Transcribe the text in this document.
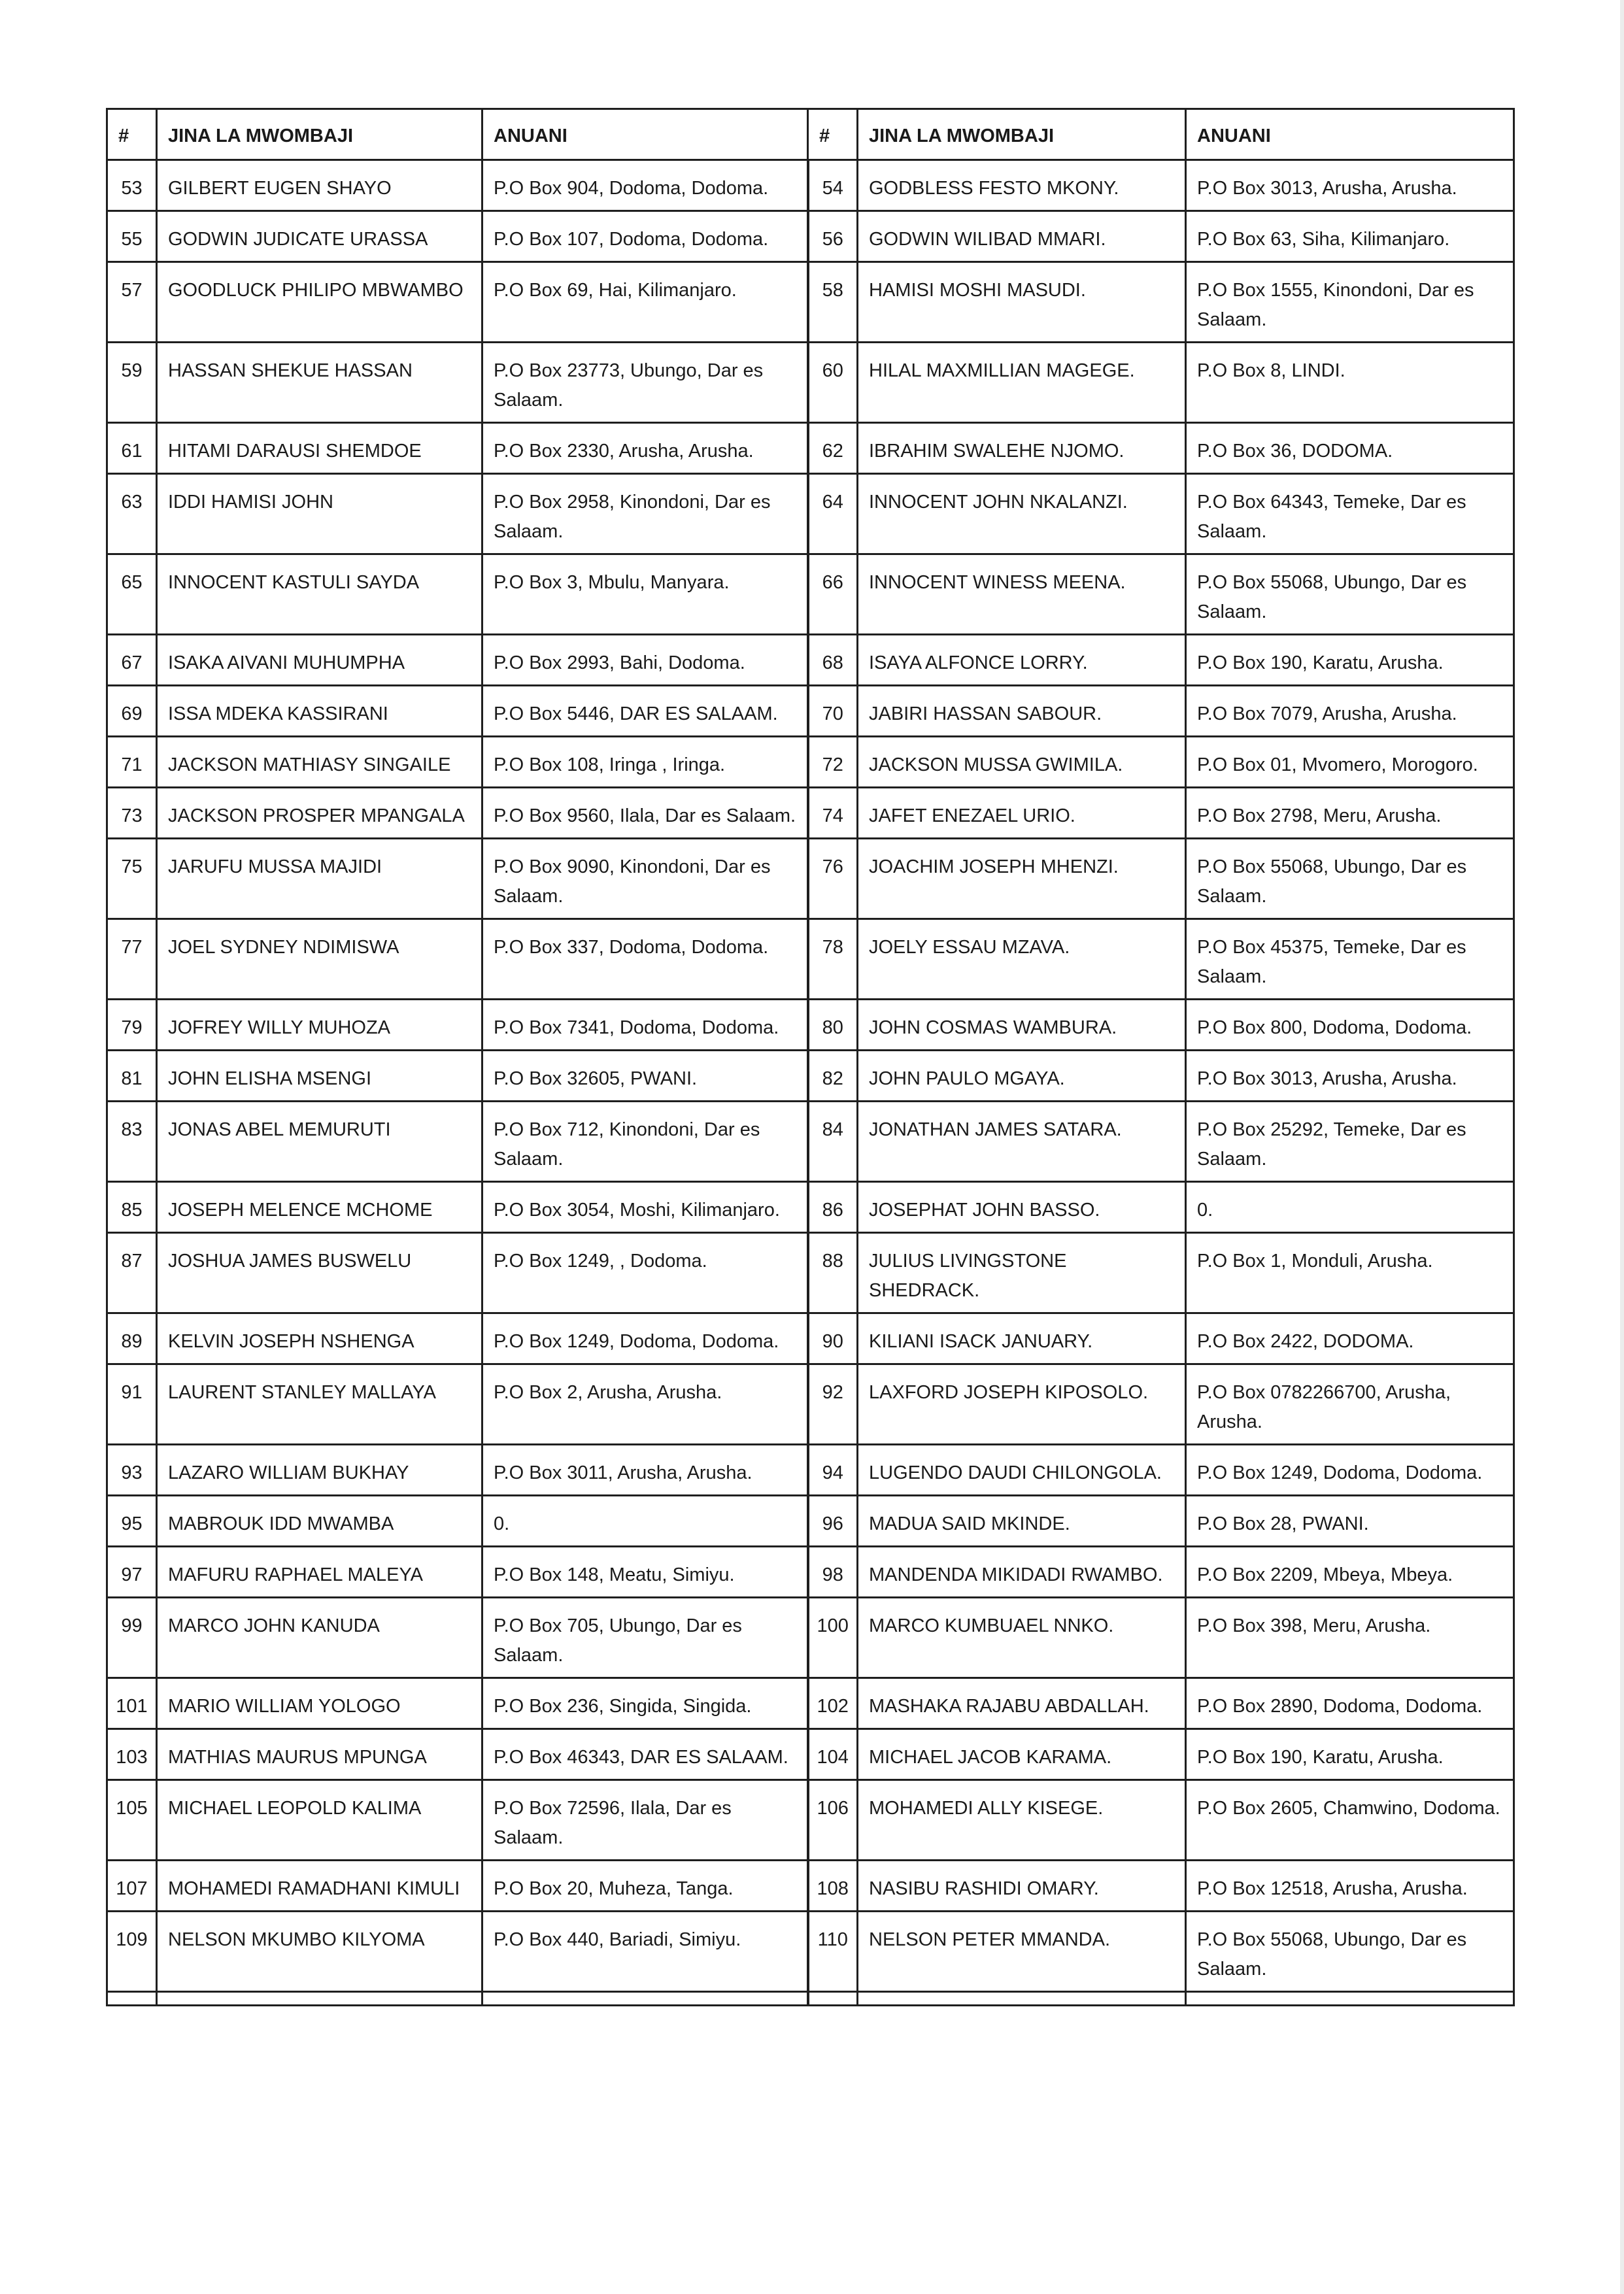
#	JINA LA MWOMBAJI	ANUANI	#	JINA LA MWOMBAJI	ANUANI
53	GILBERT EUGEN SHAYO	P.O Box 904, Dodoma, Dodoma.	54	GODBLESS FESTO MKONY.	P.O Box 3013, Arusha, Arusha.
55	GODWIN JUDICATE URASSA	P.O Box 107, Dodoma, Dodoma.	56	GODWIN WILIBAD MMARI.	P.O Box 63, Siha, Kilimanjaro.
57	GOODLUCK PHILIPO MBWAMBO	P.O Box 69, Hai, Kilimanjaro.	58	HAMISI MOSHI MASUDI.	P.O Box 1555, Kinondoni, Dar es Salaam.
59	HASSAN SHEKUE HASSAN	P.O Box 23773, Ubungo, Dar es Salaam.	60	HILAL MAXMILLIAN MAGEGE.	P.O Box 8, LINDI.
61	HITAMI DARAUSI SHEMDOE	P.O Box 2330, Arusha, Arusha.	62	IBRAHIM SWALEHE NJOMO.	P.O Box 36, DODOMA.
63	IDDI HAMISI JOHN	P.O Box 2958, Kinondoni, Dar es Salaam.	64	INNOCENT JOHN NKALANZI.	P.O Box 64343, Temeke, Dar es Salaam.
65	INNOCENT KASTULI SAYDA	P.O Box 3, Mbulu, Manyara.	66	INNOCENT WINESS MEENA.	P.O Box 55068, Ubungo, Dar es Salaam.
67	ISAKA AIVANI MUHUMPHA	P.O Box 2993, Bahi, Dodoma.	68	ISAYA ALFONCE LORRY.	P.O Box 190, Karatu, Arusha.
69	ISSA MDEKA KASSIRANI	P.O Box 5446, DAR ES SALAAM.	70	JABIRI HASSAN SABOUR.	P.O Box 7079, Arusha, Arusha.
71	JACKSON MATHIASY SINGAILE	P.O Box 108, Iringa , Iringa.	72	JACKSON MUSSA GWIMILA.	P.O Box 01, Mvomero, Morogoro.
73	JACKSON PROSPER MPANGALA	P.O Box 9560, Ilala, Dar es Salaam.	74	JAFET ENEZAEL URIO.	P.O Box 2798, Meru, Arusha.
75	JARUFU MUSSA MAJIDI	P.O Box 9090, Kinondoni, Dar es Salaam.	76	JOACHIM JOSEPH MHENZI.	P.O Box 55068, Ubungo, Dar es Salaam.
77	JOEL SYDNEY NDIMISWA	P.O Box 337, Dodoma, Dodoma.	78	JOELY ESSAU MZAVA.	P.O Box 45375, Temeke, Dar es Salaam.
79	JOFREY WILLY MUHOZA	P.O Box 7341, Dodoma, Dodoma.	80	JOHN COSMAS WAMBURA.	P.O Box 800, Dodoma, Dodoma.
81	JOHN ELISHA MSENGI	P.O Box 32605, PWANI.	82	JOHN PAULO MGAYA.	P.O Box 3013, Arusha, Arusha.
83	JONAS ABEL MEMURUTI	P.O Box 712, Kinondoni, Dar es Salaam.	84	JONATHAN JAMES SATARA.	P.O Box 25292, Temeke, Dar es Salaam.
85	JOSEPH MELENCE MCHOME	P.O Box 3054, Moshi, Kilimanjaro.	86	JOSEPHAT JOHN BASSO.	0.
87	JOSHUA JAMES BUSWELU	P.O Box 1249, , Dodoma.	88	JULIUS LIVINGSTONE SHEDRACK.	P.O Box 1, Monduli, Arusha.
89	KELVIN JOSEPH NSHENGA	P.O Box 1249, Dodoma, Dodoma.	90	KILIANI ISACK JANUARY.	P.O Box 2422, DODOMA.
91	LAURENT STANLEY MALLAYA	P.O Box 2, Arusha, Arusha.	92	LAXFORD JOSEPH KIPOSOLO.	P.O Box 0782266700, Arusha, Arusha.
93	LAZARO WILLIAM BUKHAY	P.O Box 3011, Arusha, Arusha.	94	LUGENDO DAUDI CHILONGOLA.	P.O Box 1249, Dodoma, Dodoma.
95	MABROUK IDD MWAMBA	0.	96	MADUA SAID MKINDE.	P.O Box 28, PWANI.
97	MAFURU RAPHAEL MALEYA	P.O Box 148, Meatu, Simiyu.	98	MANDENDA MIKIDADI RWAMBO.	P.O Box 2209, Mbeya, Mbeya.
99	MARCO JOHN KANUDA	P.O Box 705, Ubungo, Dar es Salaam.	100	MARCO KUMBUAEL NNKO.	P.O Box 398, Meru, Arusha.
101	MARIO WILLIAM YOLOGO	P.O Box 236, Singida, Singida.	102	MASHAKA RAJABU ABDALLAH.	P.O Box 2890, Dodoma, Dodoma.
103	MATHIAS MAURUS MPUNGA	P.O Box 46343, DAR ES SALAAM.	104	MICHAEL JACOB KARAMA.	P.O Box 190, Karatu, Arusha.
105	MICHAEL LEOPOLD KALIMA	P.O Box 72596, Ilala, Dar es Salaam.	106	MOHAMEDI ALLY KISEGE.	P.O Box 2605, Chamwino, Dodoma.
107	MOHAMEDI RAMADHANI KIMULI	P.O Box 20, Muheza, Tanga.	108	NASIBU RASHIDI OMARY.	P.O Box 12518, Arusha, Arusha.
109	NELSON MKUMBO KILYOMA	P.O Box 440, Bariadi, Simiyu.	110	NELSON PETER MMANDA.	P.O Box 55068, Ubungo, Dar es Salaam.
